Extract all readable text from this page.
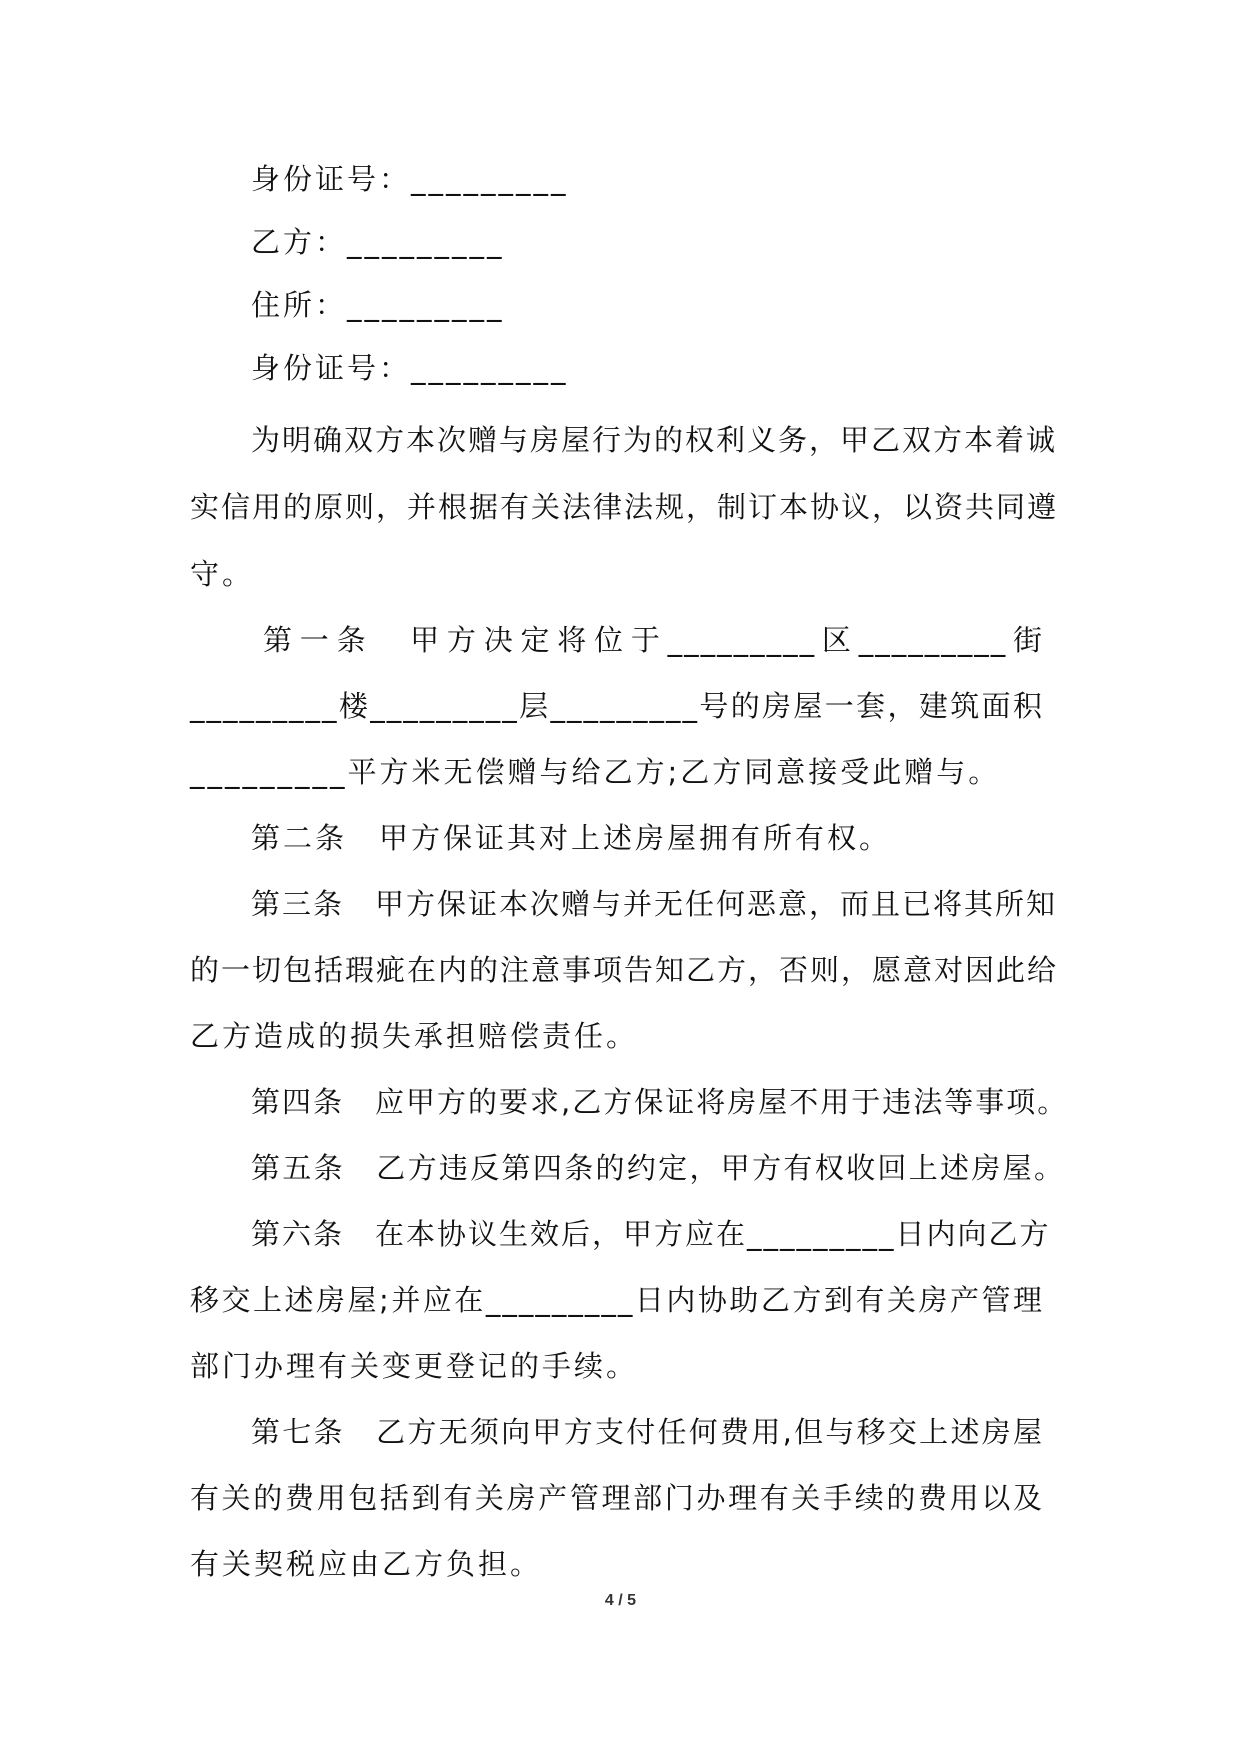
身份证号：_________

乙方：_________

住所：_________

身份证号：_________

为明确双方本次赠与房屋行为的权利义务，甲乙双方本着诚

实信用的原则，并根据有关法律法规，制订本协议，以资共同遵

守。

第一条　甲方决定将位于_________区_________街

_________楼_________层_________号的房屋一套，建筑面积

_________平方米无偿赠与给乙方;乙方同意接受此赠与。

第二条　甲方保证其对上述房屋拥有所有权。

第三条　甲方保证本次赠与并无任何恶意，而且已将其所知

的一切包括瑕疵在内的注意事项告知乙方，否则，愿意对因此给

乙方造成的损失承担赔偿责任。

第四条　应甲方的要求,乙方保证将房屋不用于违法等事项。

第五条　乙方违反第四条的约定，甲方有权收回上述房屋。

第六条　在本协议生效后，甲方应在_________日内向乙方

移交上述房屋;并应在_________日内协助乙方到有关房产管理

部门办理有关变更登记的手续。

第七条　乙方无须向甲方支付任何费用,但与移交上述房屋

有关的费用包括到有关房产管理部门办理有关手续的费用以及

有关契税应由乙方负担。

4 / 5
